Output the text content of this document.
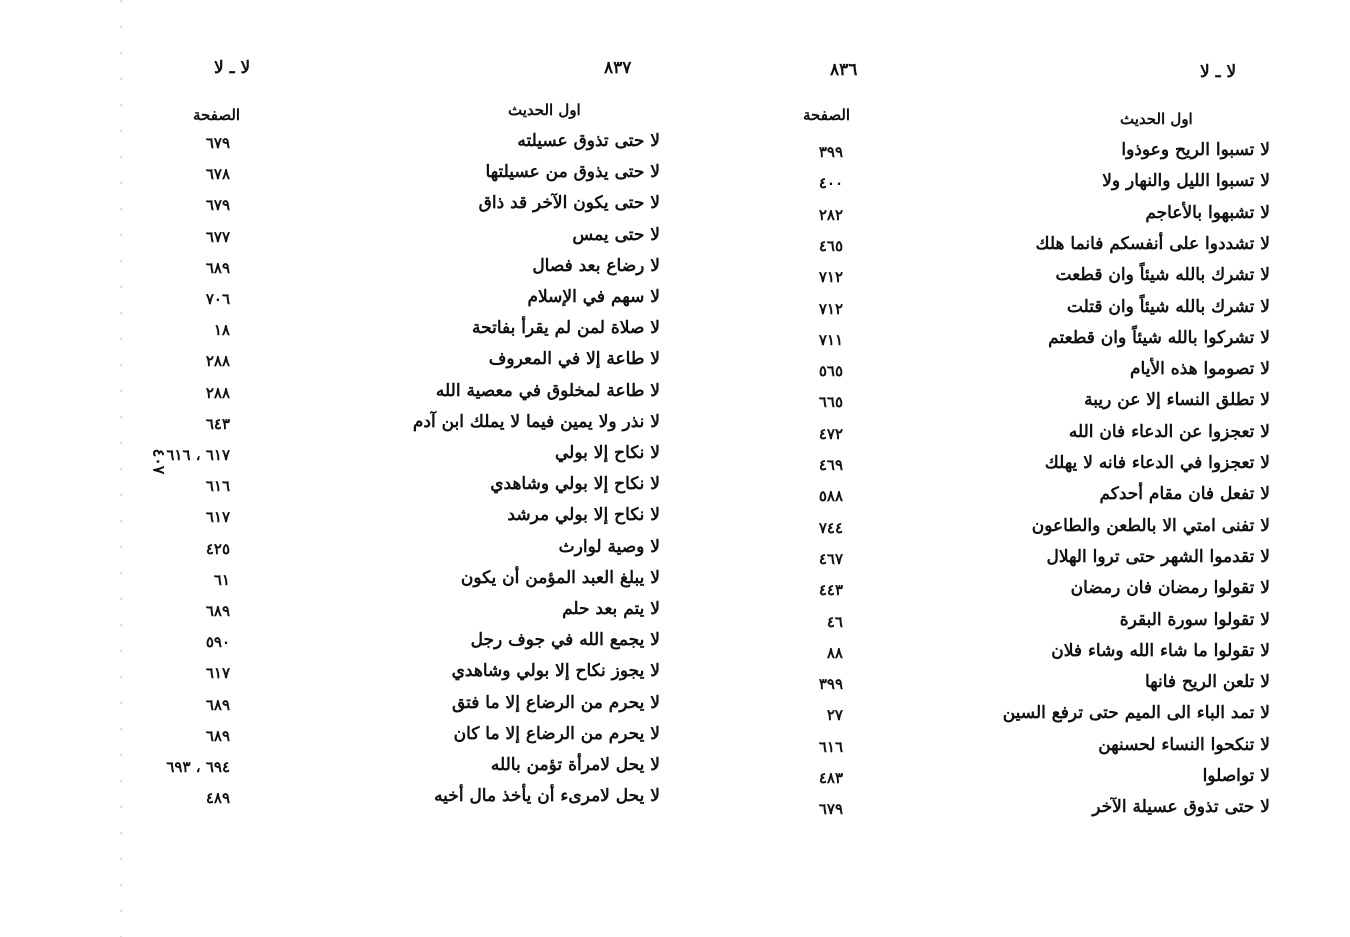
لا ـ لا	٨٣٧
اول الحديث
الصفحة
٤٠٧
لا حتى تذوق عسيلته
٦٧٩
لا حتى يذوق من عسيلتها
٦٧٨
لا حتى يكون الآخر قد ذاق
٦٧٩
لا حتى يمس
٦٧٧
لا رضاع بعد فصال
٦٨٩
لا سهم في الإسلام
٧٠٦
لا صلاة لمن لم يقرأ بفاتحة
١٨
لا طاعة إلا في المعروف
٢٨٨
لا طاعة لمخلوق في معصية الله
٢٨٨
لا نذر ولا يمين فيما لا يملك ابن آدم
٦٤٣
لا نكاح إلا بولي
٦١٧ ، ٦١٦
لا نكاح إلا بولي وشاهدي
٦١٦
لا نكاح إلا بولي مرشد
٦١٧
لا وصية لوارث
٤٢٥
لا يبلغ العبد المؤمن أن يكون
٦١
لا يتم بعد حلم
٦٨٩
لا يجمع الله في جوف رجل
٥٩٠
لا يجوز نكاح إلا بولي وشاهدي
٦١٧
لا يحرم من الرضاع إلا ما فتق
٦٨٩
لا يحرم من الرضاع إلا ما كان
٦٨٩
لا يحل لامرأة تؤمن بالله
٦٩٤ ، ٦٩٣
لا يحل لامرىء أن يأخذ مال أخيه
٤٨٩
لا ـ لا
٨٣٦
اول الحديث
الصفحة
لا تسبوا الريح وعوذوا
٣٩٩
لا تسبوا الليل والنهار ولا
٤٠٠
لا تشبهوا بالأعاجم
٢٨٢
لا تشددوا على أنفسكم فانما هلك
٤٦٥
لا تشرك بالله شيئاً وان قطعت
٧١٢
لا تشرك بالله شيئاً وان قتلت
٧١٢
لا تشركوا بالله شيئاً وان قطعتم
٧١١
لا تصوموا هذه الأيام
٥٦٥
لا تطلق النساء إلا عن ريبة
٦٦٥
لا تعجزوا عن الدعاء فان الله
٤٧٢
لا تعجزوا في الدعاء فانه لا يهلك
٤٦٩
لا تفعل فان مقام أحدكم
٥٨٨
لا تفنى امتي الا بالطعن والطاعون
٧٤٤
لا تقدموا الشهر حتى تروا الهلال
٤٦٧
لا تقولوا رمضان فان رمضان
٤٤٣
لا تقولوا سورة البقرة
٤٦
لا تقولوا ما شاء الله وشاء فلان
٨٨
لا تلعن الريح فانها
٣٩٩
لا تمد الباء الى الميم حتى ترفع السين
٢٧
لا تنكحوا النساء لحسنهن
٦١٦
لا تواصلوا
٤٨٣
لا حتى تذوق عسيلة الآخر
٦٧٩
